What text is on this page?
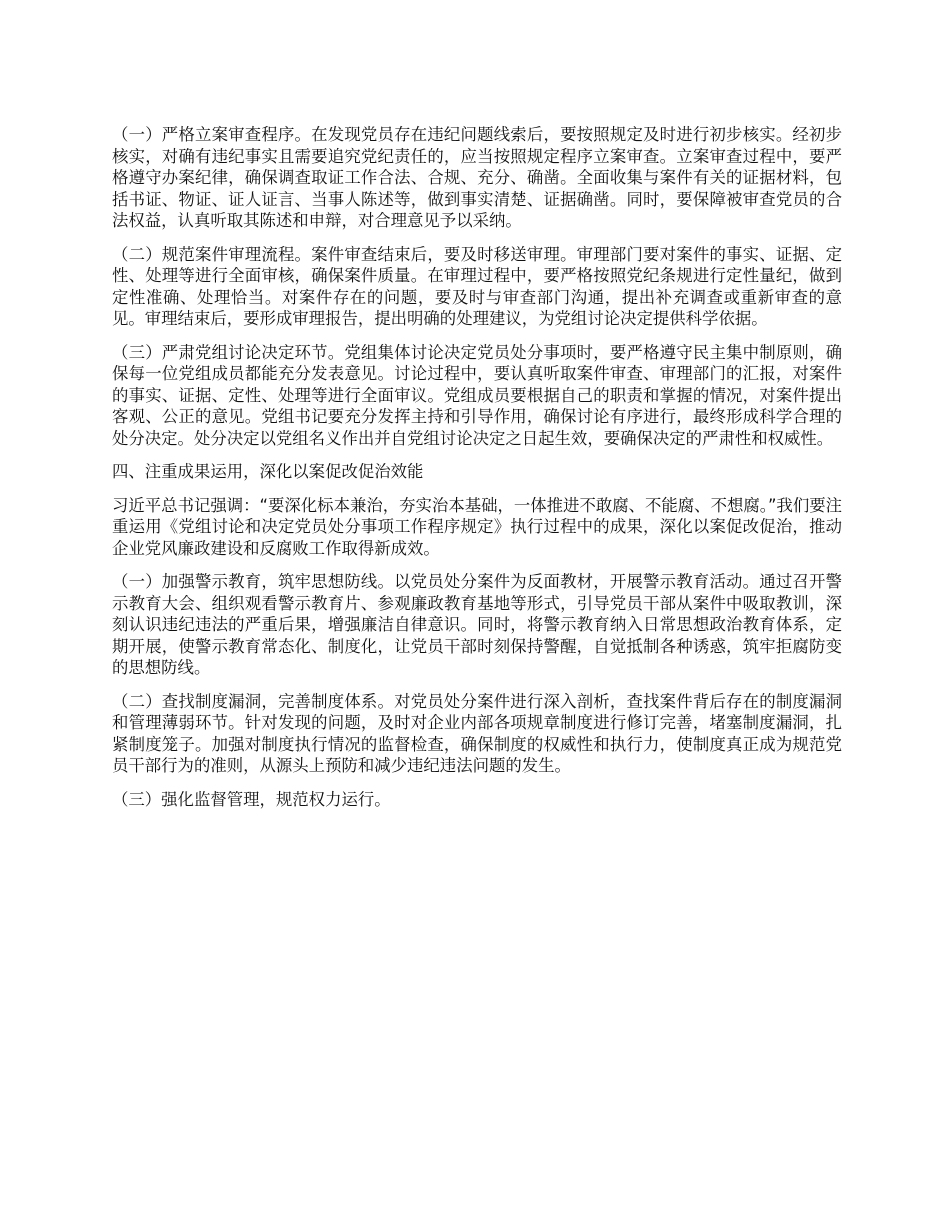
（一）严格立案审查程序。在发现党员存在违纪问题线索后，要按照规定及时进行初步核实。经初步核实，对确有违纪事实且需要追究党纪责任的，应当按照规定程序立案审查。立案审查过程中，要严格遵守办案纪律，确保调查取证工作合法、合规、充分、确凿。全面收集与案件有关的证据材料，包括书证、物证、证人证言、当事人陈述等，做到事实清楚、证据确凿。同时，要保障被审查党员的合法权益，认真听取其陈述和申辩，对合理意见予以采纳。

（二）规范案件审理流程。案件审查结束后，要及时移送审理。审理部门要对案件的事实、证据、定性、处理等进行全面审核，确保案件质量。在审理过程中，要严格按照党纪条规进行定性量纪，做到定性准确、处理恰当。对案件存在的问题，要及时与审查部门沟通，提出补充调查或重新审查的意见。审理结束后，要形成审理报告，提出明确的处理建议，为党组讨论决定提供科学依据。

（三）严肃党组讨论决定环节。党组集体讨论决定党员处分事项时，要严格遵守民主集中制原则，确保每一位党组成员都能充分发表意见。讨论过程中，要认真听取案件审查、审理部门的汇报，对案件的事实、证据、定性、处理等进行全面审议。党组成员要根据自己的职责和掌握的情况，对案件提出客观、公正的意见。党组书记要充分发挥主持和引导作用，确保讨论有序进行，最终形成科学合理的处分决定。处分决定以党组名义作出并自党组讨论决定之日起生效，要确保决定的严肃性和权威性。

四、注重成果运用，深化以案促改促治效能

习近平总书记强调：“要深化标本兼治，夯实治本基础，一体推进不敢腐、不能腐、不想腐。”我们要注重运用《党组讨论和决定党员处分事项工作程序规定》执行过程中的成果，深化以案促改促治，推动企业党风廉政建设和反腐败工作取得新成效。

（一）加强警示教育，筑牢思想防线。以党员处分案件为反面教材，开展警示教育活动。通过召开警示教育大会、组织观看警示教育片、参观廉政教育基地等形式，引导党员干部从案件中吸取教训，深刻认识违纪违法的严重后果，增强廉洁自律意识。同时，将警示教育纳入日常思想政治教育体系，定期开展，使警示教育常态化、制度化，让党员干部时刻保持警醒，自觉抵制各种诱惑，筑牢拒腐防变的思想防线。

（二）查找制度漏洞，完善制度体系。对党员处分案件进行深入剖析，查找案件背后存在的制度漏洞和管理薄弱环节。针对发现的问题，及时对企业内部各项规章制度进行修订完善，堵塞制度漏洞，扎紧制度笼子。加强对制度执行情况的监督检查，确保制度的权威性和执行力，使制度真正成为规范党员干部行为的准则，从源头上预防和减少违纪违法问题的发生。

（三）强化监督管理，规范权力运行。
